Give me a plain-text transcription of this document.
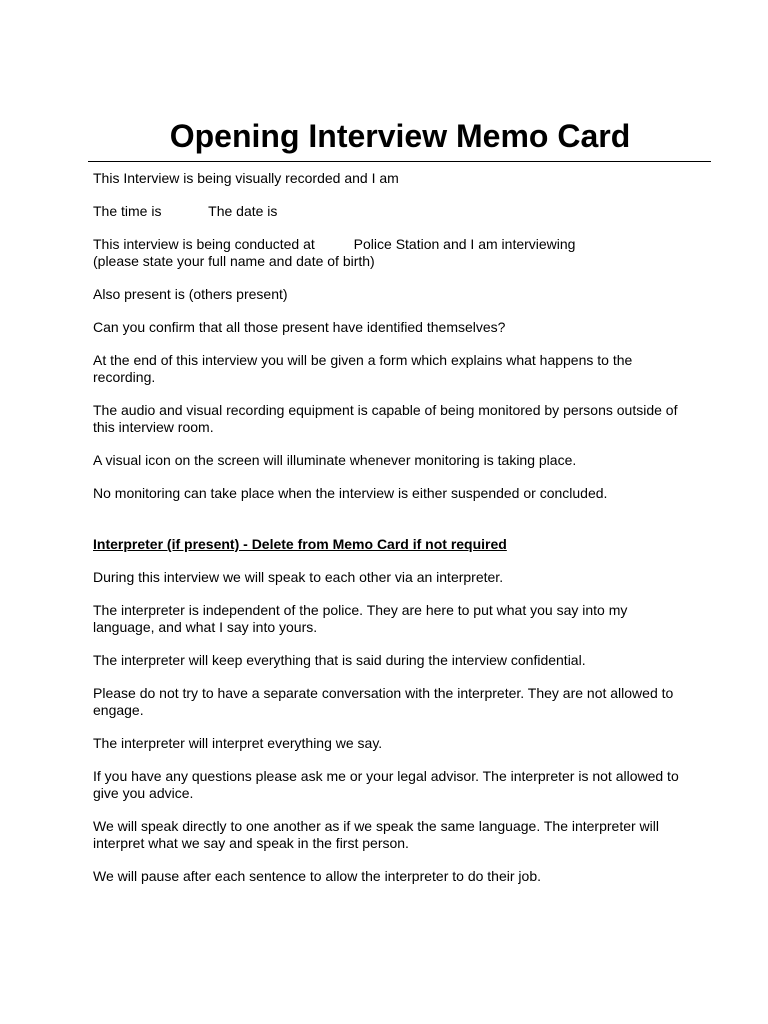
Opening Interview Memo Card

This Interview is being visually recorded and I am

The time is            The date is

This interview is being conducted at          Police Station and I am interviewing
(please state your full name and date of birth)

Also present is (others present)

Can you confirm that all those present have identified themselves?

At the end of this interview you will be given a form which explains what happens to the recording.

The audio and visual recording equipment is capable of being monitored by persons outside of this interview room.

A visual icon on the screen will illuminate whenever monitoring is taking place.

No monitoring can take place when the interview is either suspended or concluded.

Interpreter (if present) - Delete from Memo Card if not required

During this interview we will speak to each other via an interpreter.

The interpreter is independent of the police. They are here to put what you say into my language, and what I say into yours.

The interpreter will keep everything that is said during the interview confidential.

Please do not try to have a separate conversation with the interpreter. They are not allowed to engage.

The interpreter will interpret everything we say.

If you have any questions please ask me or your legal advisor. The interpreter is not allowed to give you advice.

We will speak directly to one another as if we speak the same language. The interpreter will interpret what we say and speak in the first person.

We will pause after each sentence to allow the interpreter to do their job.
